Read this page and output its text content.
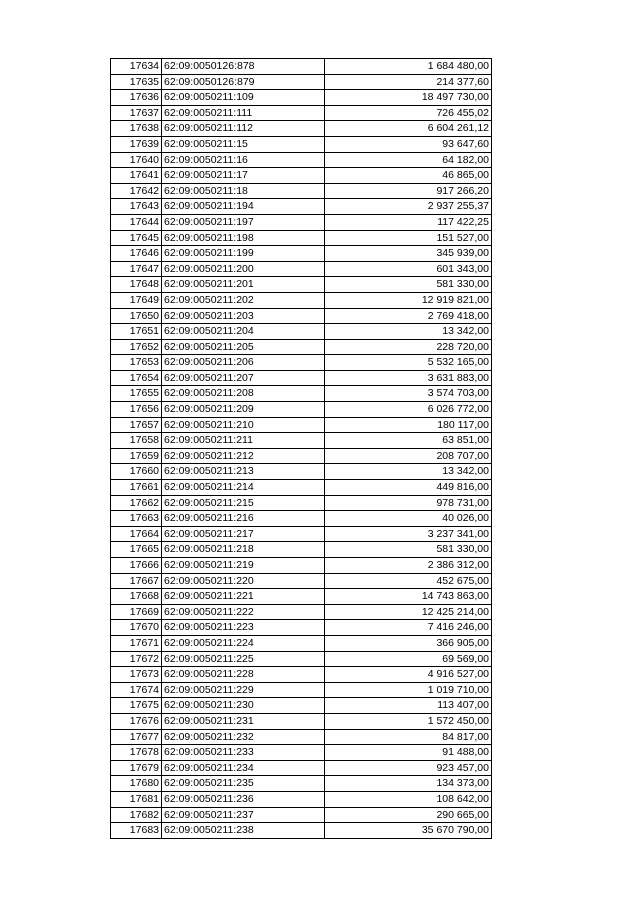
17634	62:09:0050126:878	1 684 480,00
17635	62:09:0050126:879	214 377,60
17636	62:09:0050211:109	18 497 730,00
17637	62:09:0050211:111	726 455,02
17638	62:09:0050211:112	6 604 261,12
17639	62:09:0050211:15	93 647,60
17640	62:09:0050211:16	64 182,00
17641	62:09:0050211:17	46 865,00
17642	62:09:0050211:18	917 266,20
17643	62:09:0050211:194	2 937 255,37
17644	62:09:0050211:197	117 422,25
17645	62:09:0050211:198	151 527,00
17646	62:09:0050211:199	345 939,00
17647	62:09:0050211:200	601 343,00
17648	62:09:0050211:201	581 330,00
17649	62:09:0050211:202	12 919 821,00
17650	62:09:0050211:203	2 769 418,00
17651	62:09:0050211:204	13 342,00
17652	62:09:0050211:205	228 720,00
17653	62:09:0050211:206	5 532 165,00
17654	62:09:0050211:207	3 631 883,00
17655	62:09:0050211:208	3 574 703,00
17656	62:09:0050211:209	6 026 772,00
17657	62:09:0050211:210	180 117,00
17658	62:09:0050211:211	63 851,00
17659	62:09:0050211:212	208 707,00
17660	62:09:0050211:213	13 342,00
17661	62:09:0050211:214	449 816,00
17662	62:09:0050211:215	978 731,00
17663	62:09:0050211:216	40 026,00
17664	62:09:0050211:217	3 237 341,00
17665	62:09:0050211:218	581 330,00
17666	62:09:0050211:219	2 386 312,00
17667	62:09:0050211:220	452 675,00
17668	62:09:0050211:221	14 743 863,00
17669	62:09:0050211:222	12 425 214,00
17670	62:09:0050211:223	7 416 246,00
17671	62:09:0050211:224	366 905,00
17672	62:09:0050211:225	69 569,00
17673	62:09:0050211:228	4 916 527,00
17674	62:09:0050211:229	1 019 710,00
17675	62:09:0050211:230	113 407,00
17676	62:09:0050211:231	1 572 450,00
17677	62:09:0050211:232	84 817,00
17678	62:09:0050211:233	91 488,00
17679	62:09:0050211:234	923 457,00
17680	62:09:0050211:235	134 373,00
17681	62:09:0050211:236	108 642,00
17682	62:09:0050211:237	290 665,00
17683	62:09:0050211:238	35 670 790,00
